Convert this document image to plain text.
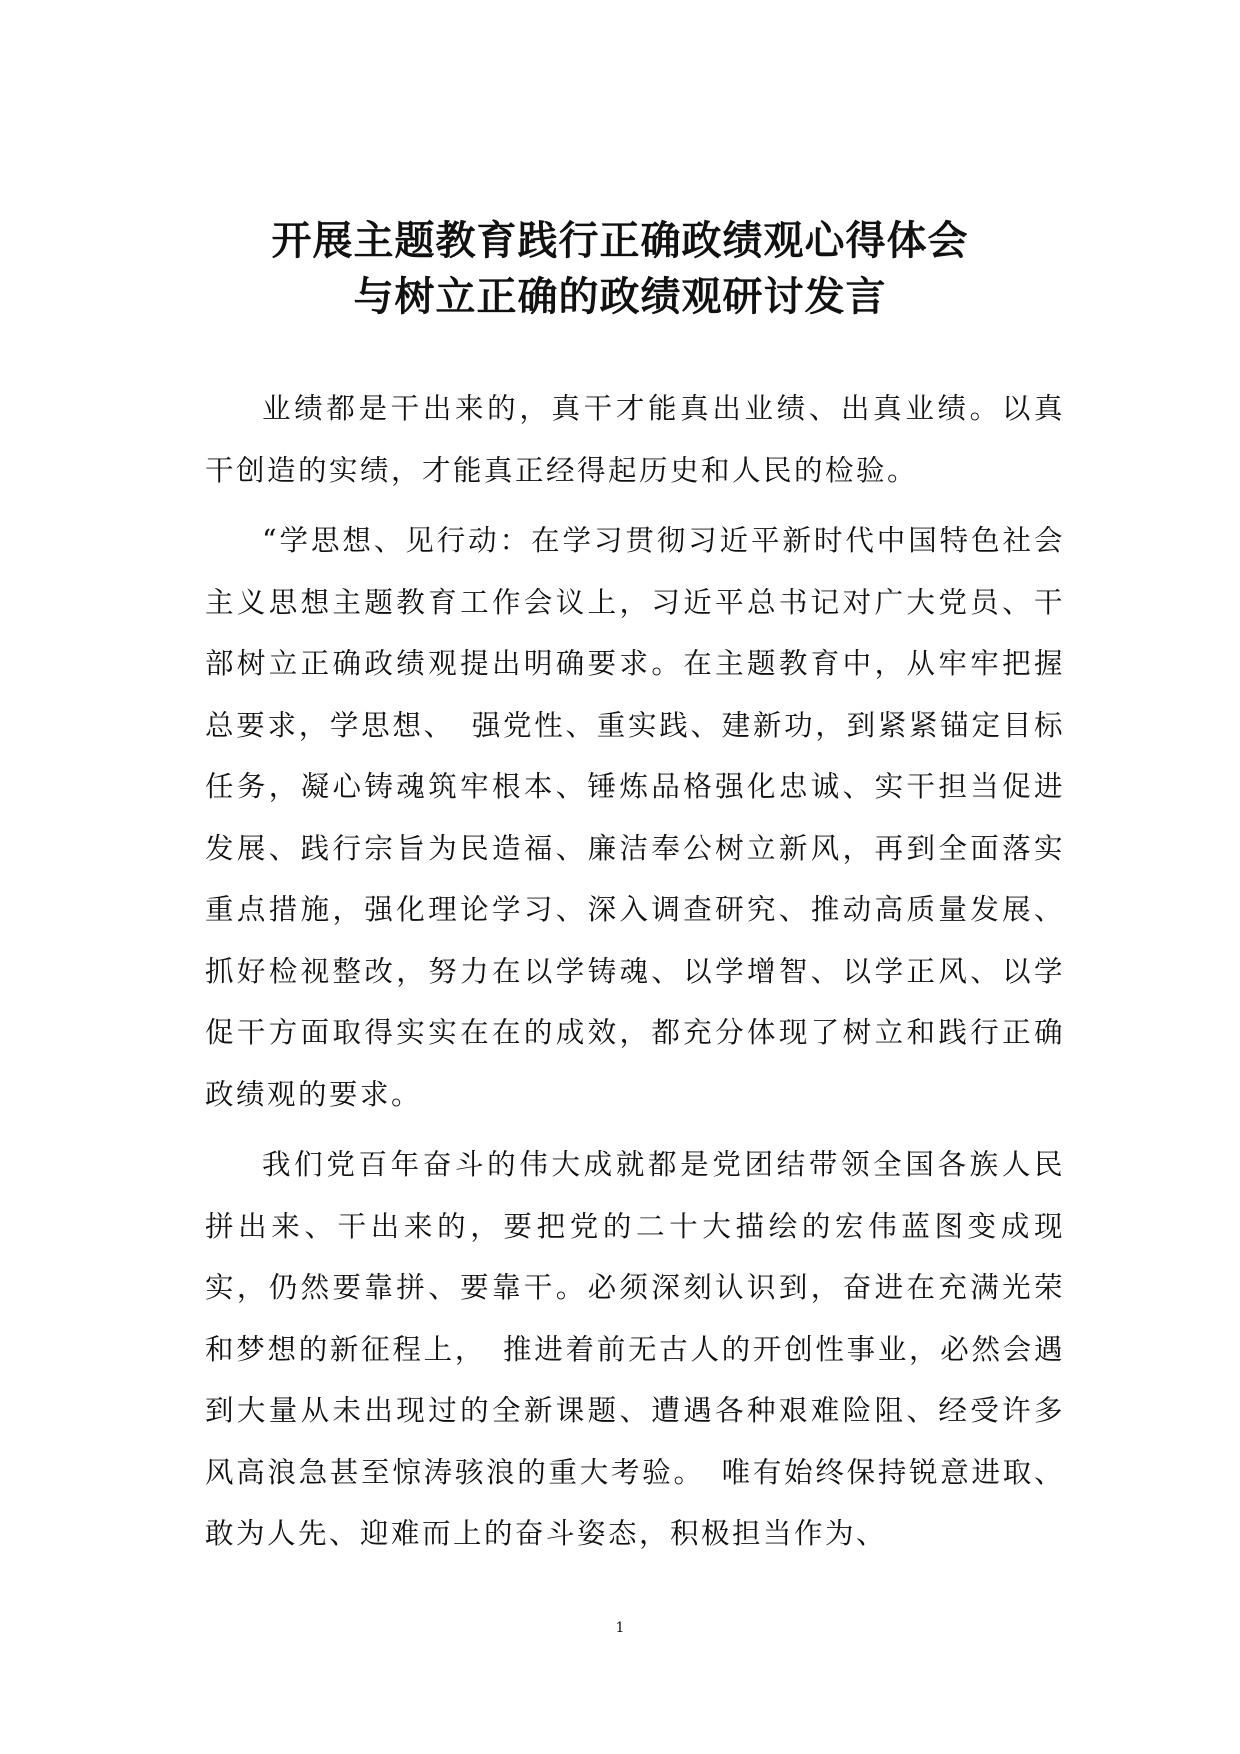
开展主题教育践行正确政绩观心得体会
与树立正确的政绩观研讨发言

业绩都是干出来的，真干才能真出业绩、出真业绩。以真干创造的实绩，才能真正经得起历史和人民的检验。

“学思想、见行动：在学习贯彻习近平新时代中国特色社会主义思想主题教育工作会议上，习近平总书记对广大党员、干部树立正确政绩观提出明确要求。在主题教育中，从牢牢把握总要求，学思想、　强党性、重实践、建新功，到紧紧锚定目标任务，凝心铸魂筑牢根本、锤炼品格强化忠诚、实干担当促进发展、践行宗旨为民造福、廉洁奉公树立新风，再到全面落实重点措施，强化理论学习、深入调查研究、推动高质量发展、抓好检视整改，努力在以学铸魂、以学增智、以学正风、以学促干方面取得实实在在的成效，都充分体现了树立和践行正确政绩观的要求。

我们党百年奋斗的伟大成就都是党团结带领全国各族人民拼出来、干出来的，要把党的二十大描绘的宏伟蓝图变成现实，仍然要靠拼、要靠干。必须深刻认识到，奋进在充满光荣和梦想的新征程上，　推进着前无古人的开创性事业，必然会遇到大量从未出现过的全新课题、遭遇各种艰难险阻、经受许多风高浪急甚至惊涛骇浪的重大考验。　唯有始终保持锐意进取、敢为人先、迎难而上的奋斗姿态，积极担当作为、

1
